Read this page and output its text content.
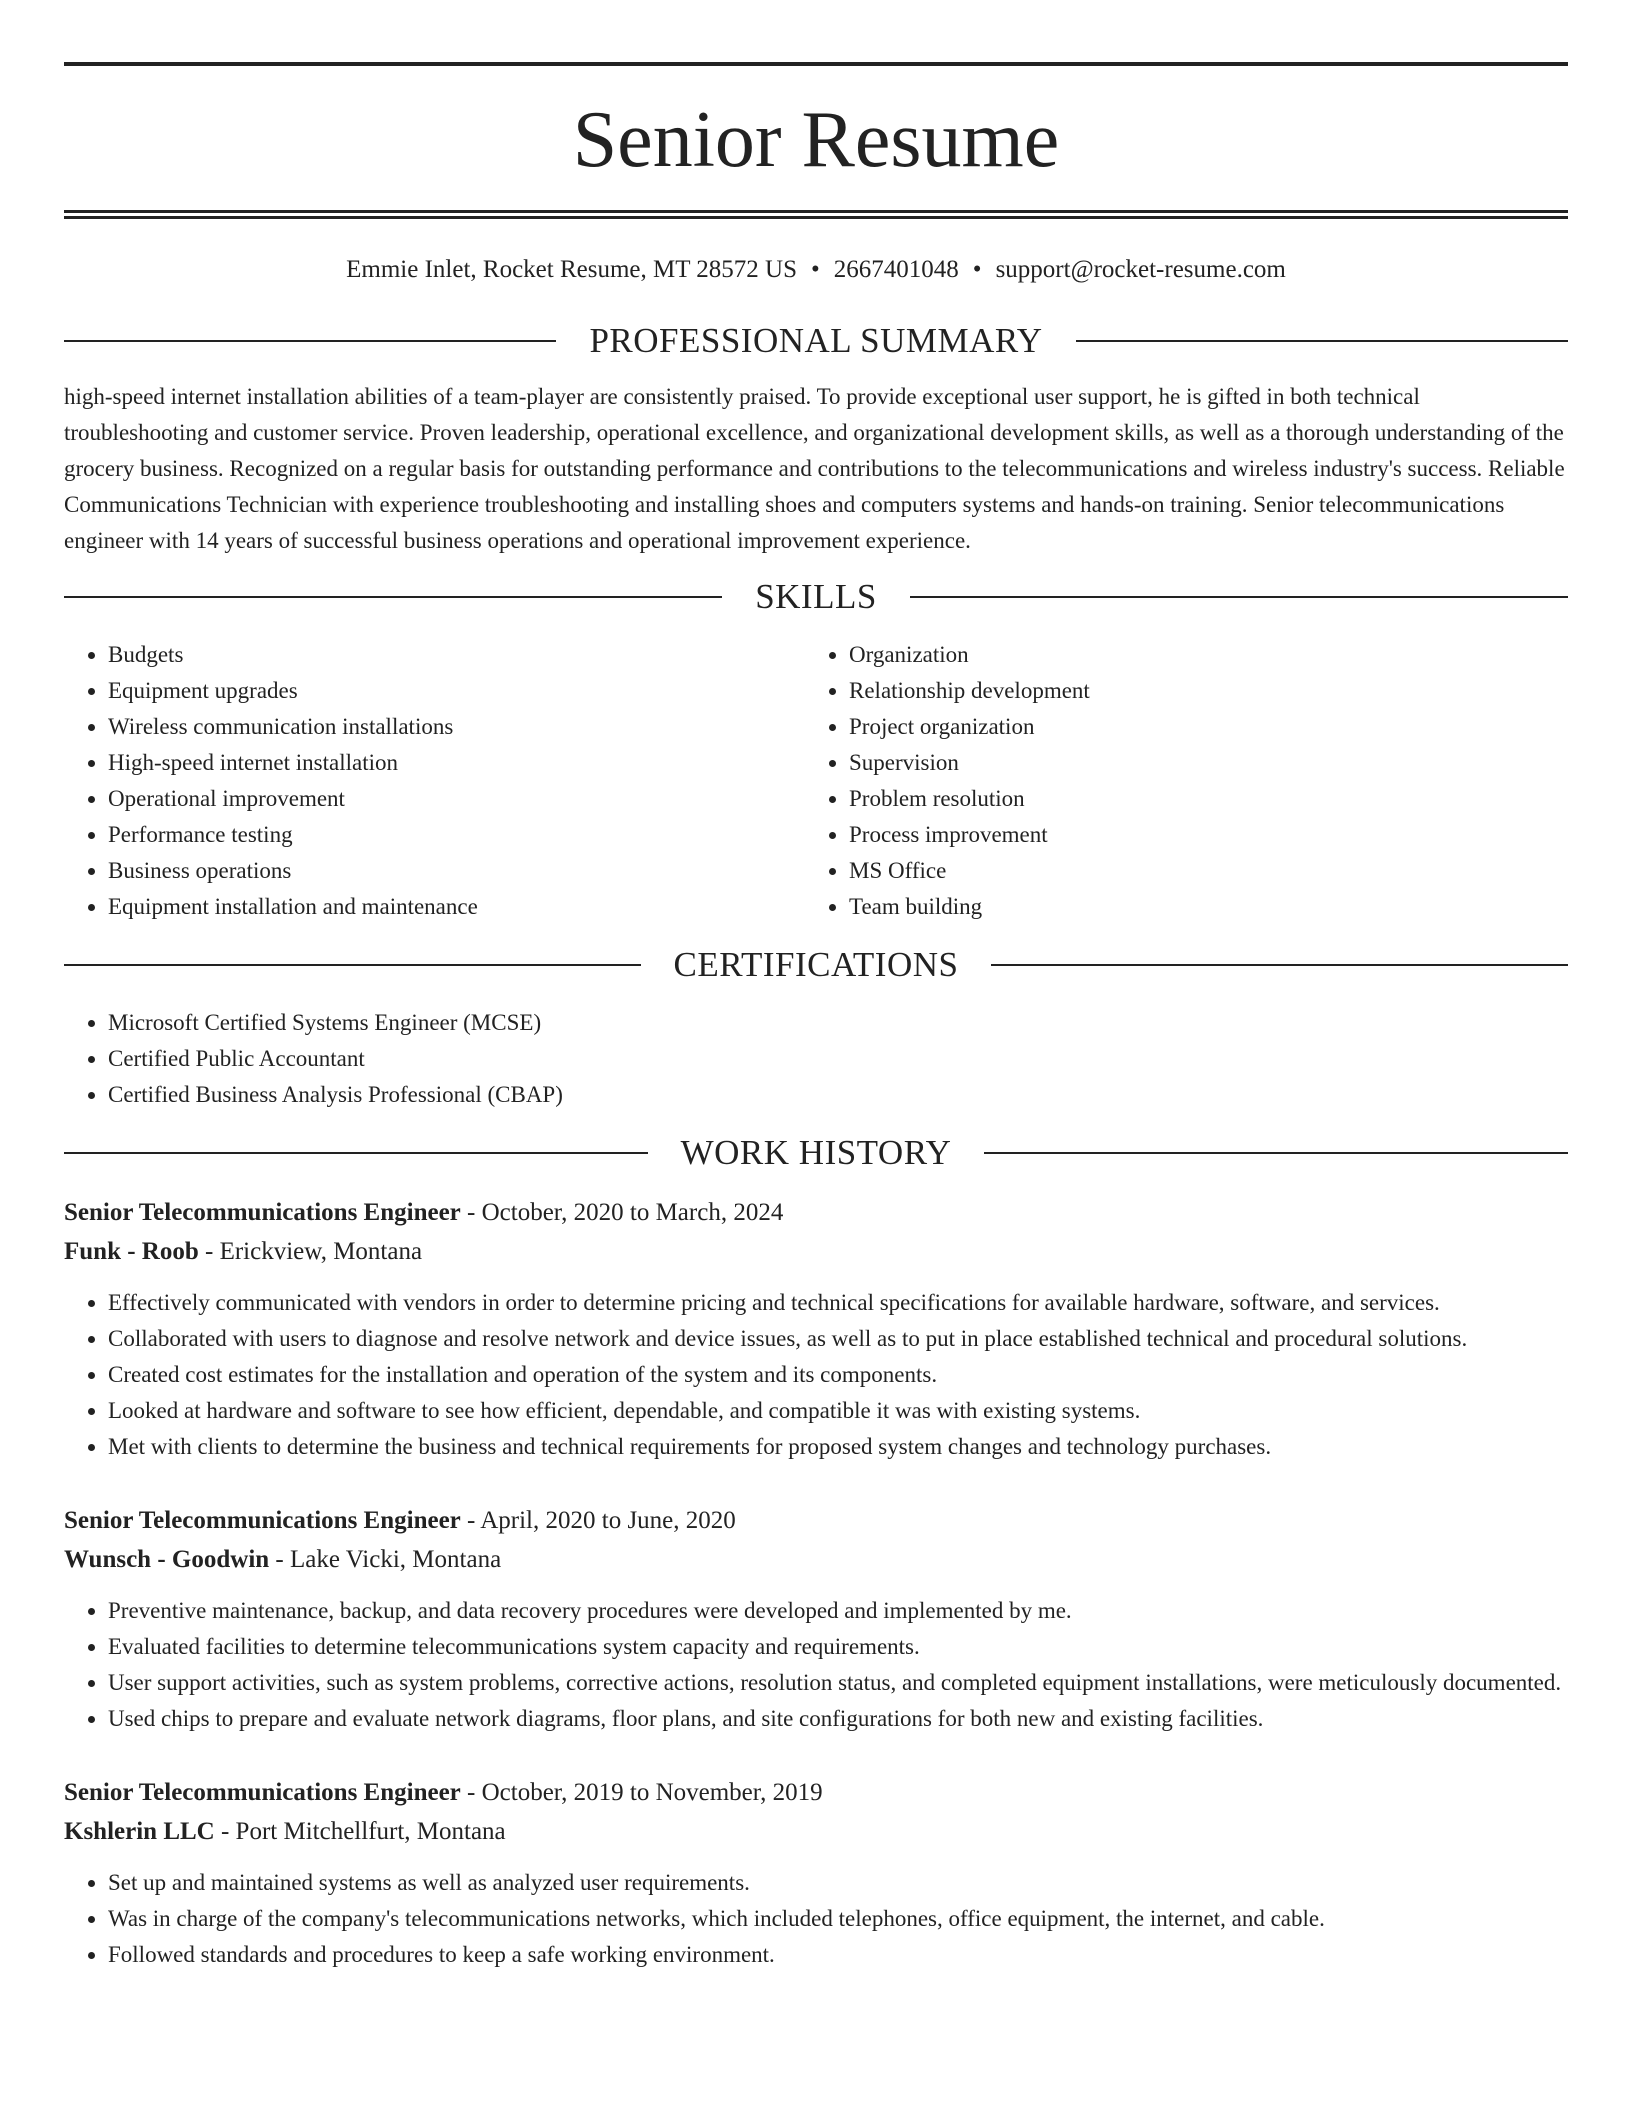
Senior Resume
Emmie Inlet, Rocket Resume, MT 28572 US • 2667401048 • support@rocket-resume.com
PROFESSIONAL SUMMARY

high-speed internet installation abilities of a team-player are consistently praised. To provide exceptional user support, he is gifted in both technical troubleshooting and customer service. Proven leadership, operational excellence, and organizational development skills, as well as a thorough understanding of the grocery business. Recognized on a regular basis for outstanding performance and contributions to the telecommunications and wireless industry's success. Reliable Communications Technician with experience troubleshooting and installing shoes and computers systems and hands-on training. Senior telecommunications engineer with 14 years of successful business operations and operational improvement experience.

SKILLS
• Budgets
• Equipment upgrades
• Wireless communication installations
• High-speed internet installation
• Operational improvement
• Performance testing
• Business operations
• Equipment installation and maintenance
• Organization
• Relationship development
• Project organization
• Supervision
• Problem resolution
• Process improvement
• MS Office
• Team building
CERTIFICATIONS
• Microsoft Certified Systems Engineer (MCSE)
• Certified Public Accountant
• Certified Business Analysis Professional (CBAP)
WORK HISTORY
Senior Telecommunications Engineer - October, 2020 to March, 2024
Funk - Roob - Erickview, Montana
• Effectively communicated with vendors in order to determine pricing and technical specifications for available hardware, software, and services.
• Collaborated with users to diagnose and resolve network and device issues, as well as to put in place established technical and procedural solutions.
• Created cost estimates for the installation and operation of the system and its components.
• Looked at hardware and software to see how efficient, dependable, and compatible it was with existing systems.
• Met with clients to determine the business and technical requirements for proposed system changes and technology purchases.
Senior Telecommunications Engineer - April, 2020 to June, 2020
Wunsch - Goodwin - Lake Vicki, Montana
• Preventive maintenance, backup, and data recovery procedures were developed and implemented by me.
• Evaluated facilities to determine telecommunications system capacity and requirements.
• User support activities, such as system problems, corrective actions, resolution status, and completed equipment installations, were meticulously documented.
• Used chips to prepare and evaluate network diagrams, floor plans, and site configurations for both new and existing facilities.
Senior Telecommunications Engineer - October, 2019 to November, 2019
Kshlerin LLC - Port Mitchellfurt, Montana
• Set up and maintained systems as well as analyzed user requirements.
• Was in charge of the company's telecommunications networks, which included telephones, office equipment, the internet, and cable.
• Followed standards and procedures to keep a safe working environment.
